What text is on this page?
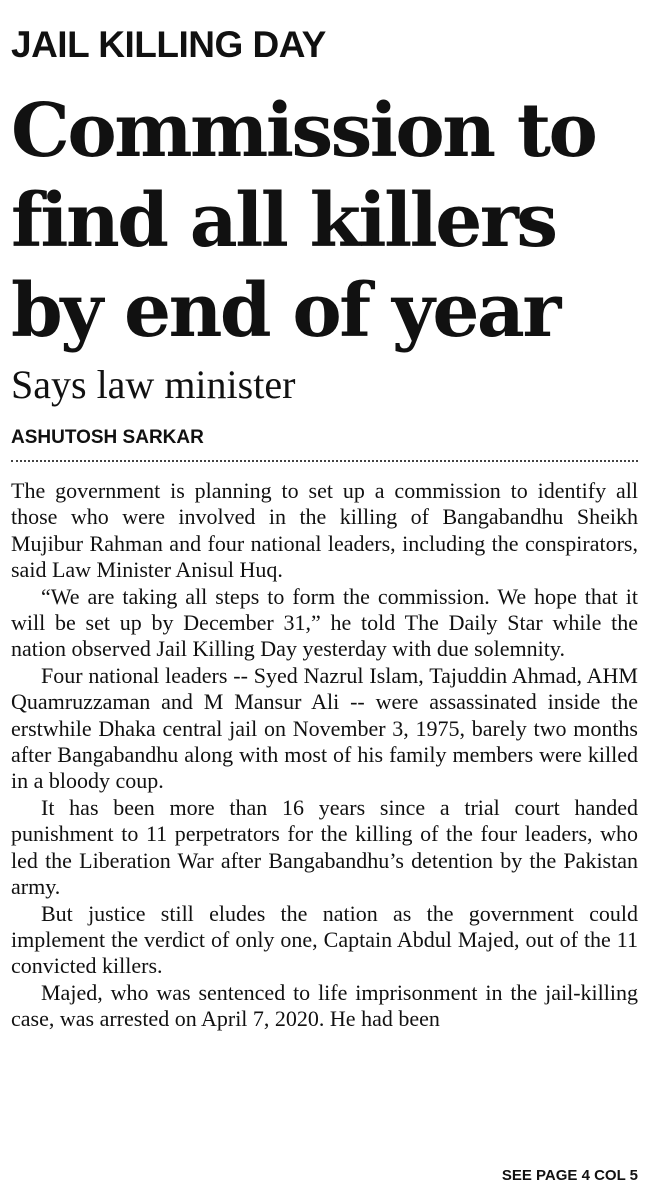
JAIL KILLING DAY
Commission to
find all killers
by end of year
Says law minister
ASHUTOSH SARKAR

The government is planning to set up a commission to identify all those who were involved in the killing of Bangabandhu Sheikh Mujibur Rahman and four national leaders, including the conspirators, said Law Minister Anisul Huq.

“We are taking all steps to form the commission. We hope that it will be set up by December 31,” he told The Daily Star while the nation observed Jail Killing Day yesterday with due solemnity.

Four national leaders -- Syed Nazrul Islam, Tajuddin Ahmad, AHM Quamruzzaman and M Mansur Ali -- were assassinated inside the erstwhile Dhaka central jail on November 3, 1975, barely two months after Bangabandhu along with most of his family members were killed in a bloody coup.

It has been more than 16 years since a trial court handed punishment to 11 perpetrators for the killing of the four leaders, who led the Liberation War after Bangabandhu’s detention by the Pakistan army.

But justice still eludes the nation as the government could implement the verdict of only one, Captain Abdul Majed, out of the 11 convicted killers.

Majed, who was sentenced to life imprisonment in the jail-killing case, was arrested on April 7, 2020. He had been

SEE PAGE 4 COL 5
